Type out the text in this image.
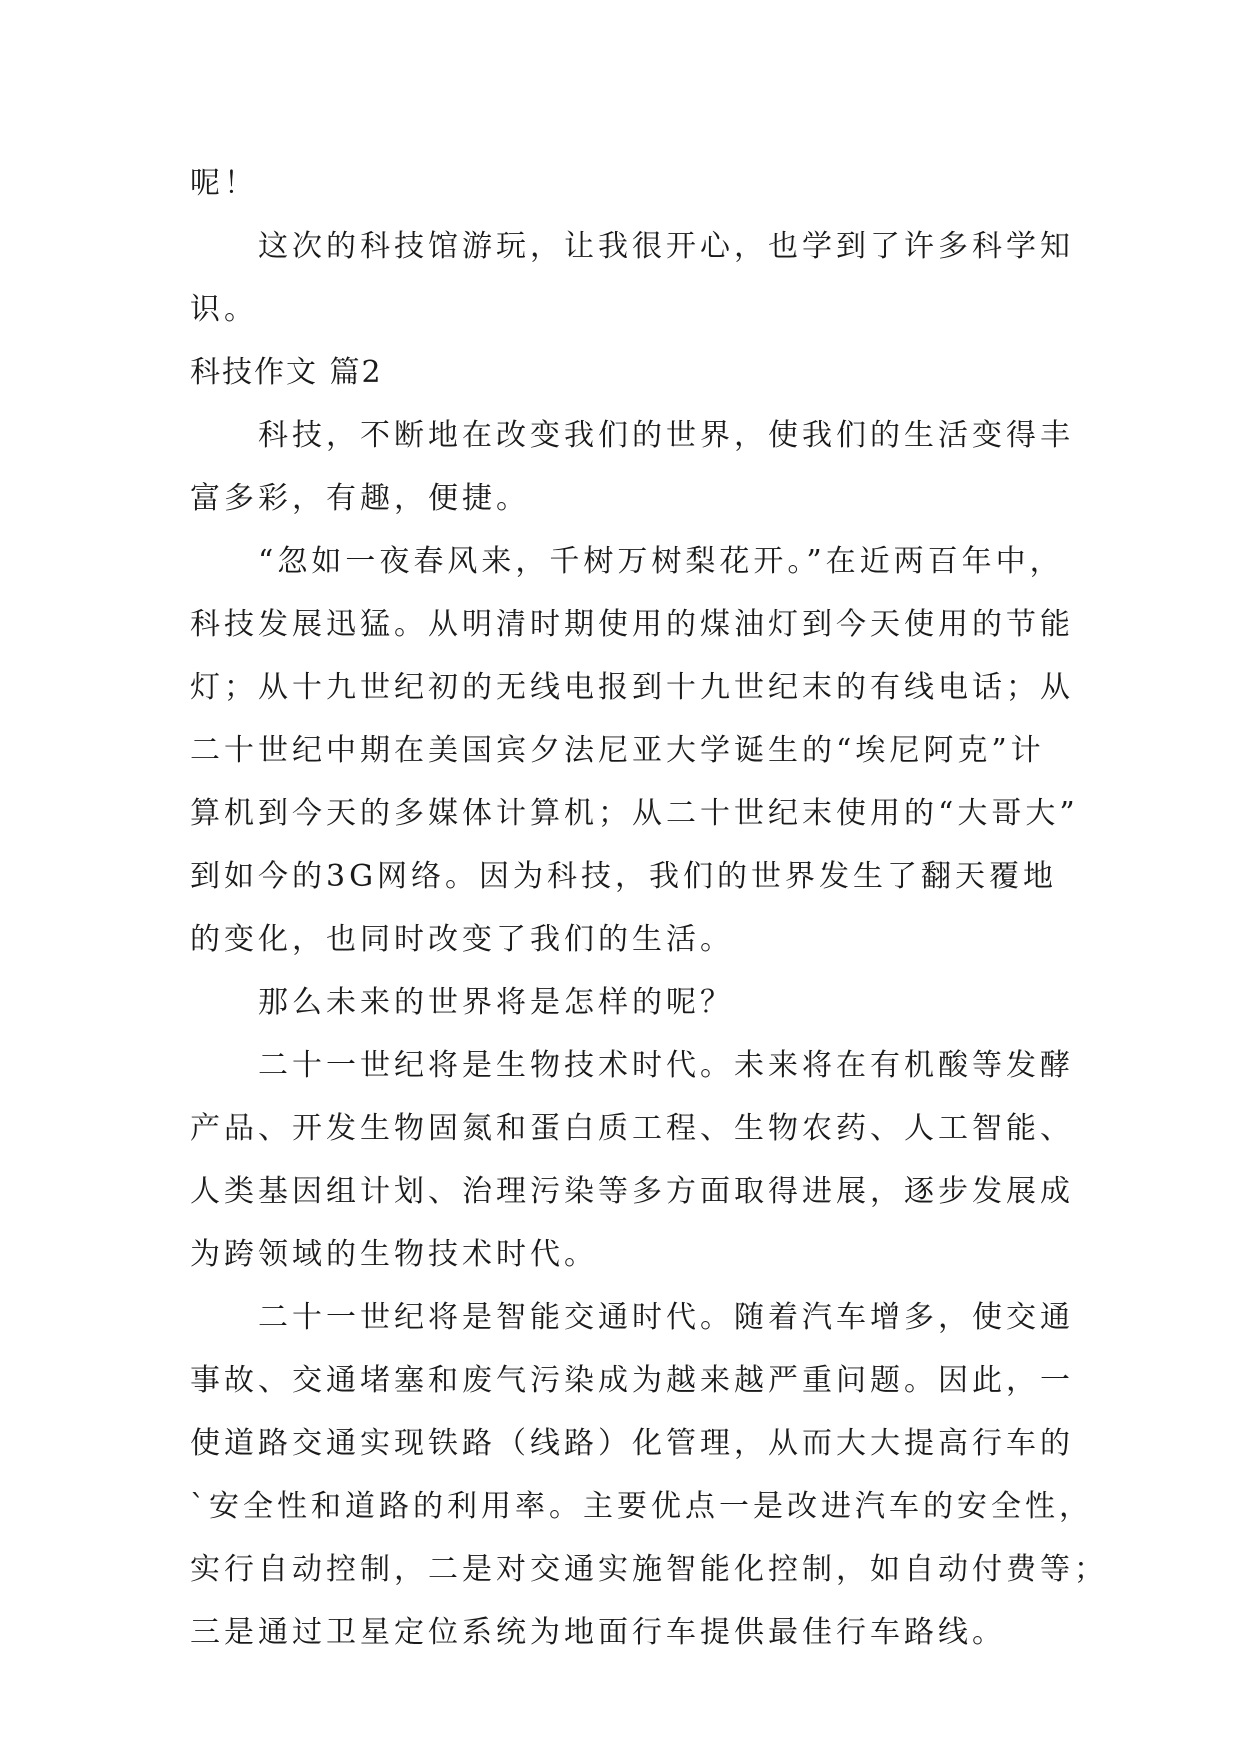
呢！
　　这次的科技馆游玩，让我很开心，也学到了许多科学知
识。
科技作文 篇2
　　科技，不断地在改变我们的世界，使我们的生活变得丰
富多彩，有趣，便捷。
　　“忽如一夜春风来，千树万树梨花开。”在近两百年中，
科技发展迅猛。从明清时期使用的煤油灯到今天使用的节能
灯；从十九世纪初的无线电报到十九世纪末的有线电话；从
二十世纪中期在美国宾夕法尼亚大学诞生的“埃尼阿克”计
算机到今天的多媒体计算机；从二十世纪末使用的“大哥大”
到如今的3G网络。因为科技，我们的世界发生了翻天覆地
的变化，也同时改变了我们的生活。
　　那么未来的世界将是怎样的呢？
　　二十一世纪将是生物技术时代。未来将在有机酸等发酵
产品、开发生物固氮和蛋白质工程、生物农药、人工智能、
人类基因组计划、治理污染等多方面取得进展，逐步发展成
为跨领域的生物技术时代。
　　二十一世纪将是智能交通时代。随着汽车增多，使交通
事故、交通堵塞和废气污染成为越来越严重问题。因此，一
使道路交通实现铁路（线路）化管理，从而大大提高行车的
`安全性和道路的利用率。主要优点一是改进汽车的安全性，
实行自动控制，二是对交通实施智能化控制，如自动付费等；
三是通过卫星定位系统为地面行车提供最佳行车路线。
